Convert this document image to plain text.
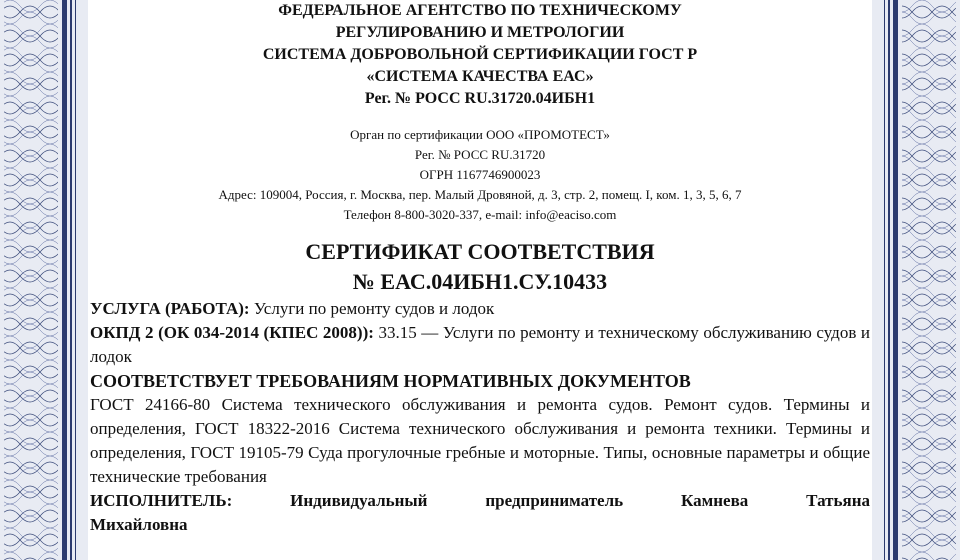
ФЕДЕРАЛЬНОЕ АГЕНТСТВО ПО ТЕХНИЧЕСКОМУ
РЕГУЛИРОВАНИЮ И МЕТРОЛОГИИ
СИСТЕМА ДОБРОВОЛЬНОЙ СЕРТИФИКАЦИИ ГОСТ Р
«СИСТЕМА КАЧЕСТВА ЕАС»
Рег. № РОСС RU.31720.04ИБН1
Орган по сертификации ООО «ПРОМОТЕСТ»
Рег. № РОСС RU.31720
ОГРН 1167746900023
Адрес: 109004, Россия, г. Москва, пер. Малый Дровяной, д. 3, стр. 2, помещ. I, ком. 1, 3, 5, 6, 7
Телефон 8-800-3020-337, e-mail: info@eaciso.com
СЕРТИФИКАТ СООТВЕТСТВИЯ
№ ЕАС.04ИБН1.СУ.10433

УСЛУГА (РАБОТА): Услуги по ремонту судов и лодок

ОКПД 2 (ОК 034-2014 (КПЕС 2008)): 33.15 — Услуги по ремонту и техническому обслуживанию судов и лодок

СООТВЕТСТВУЕТ ТРЕБОВАНИЯМ НОРМАТИВНЫХ ДОКУМЕНТОВ

ГОСТ 24166-80 Система технического обслуживания и ремонта судов. Ремонт судов. Термины и определения, ГОСТ 18322-2016 Система технического обслуживания и ремонта техники. Термины и определения, ГОСТ 19105-79 Суда прогулочные гребные и моторные. Типы, основные параметры и общие технические требования

ИСПОЛНИТЕЛЬ:	Индивидуальный предприниматель Камнева Татьяна

Михайловна
